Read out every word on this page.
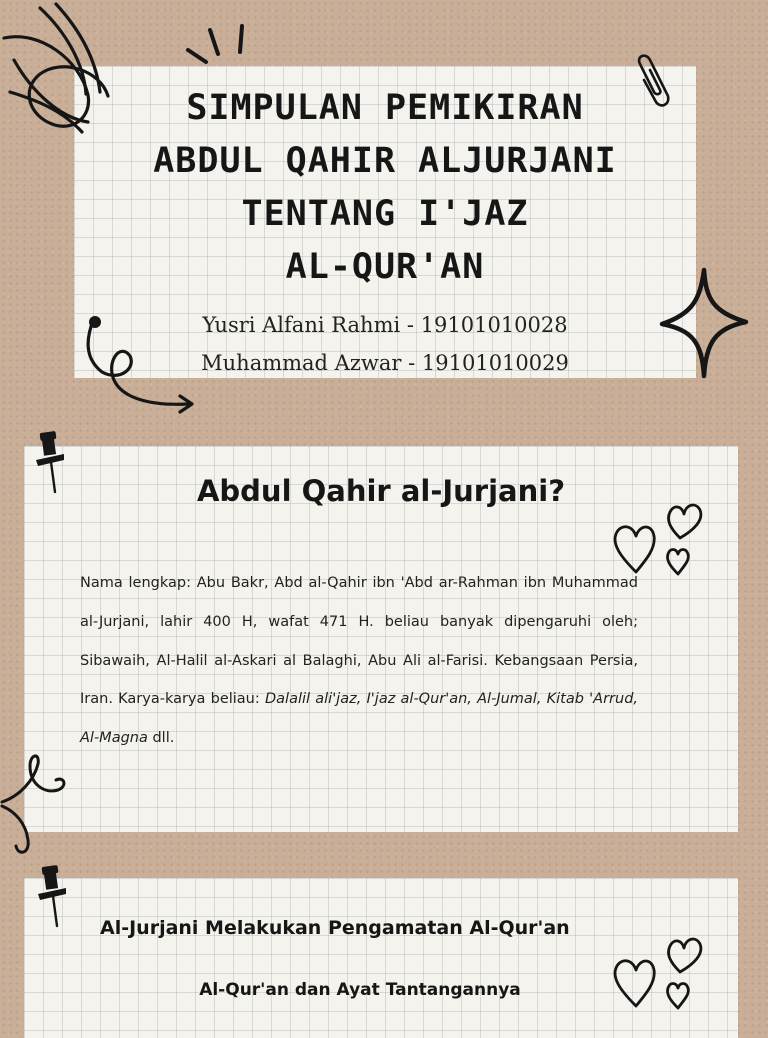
SIMPULAN PEMIKIRAN
ABDUL QAHIR ALJURJANI
TENTANG I'JAZ
AL-QUR'AN
Yusri Alfani Rahmi - 19101010028
Muhammad Azwar - 19101010029
Abdul Qahir al-Jurjani?

Nama lengkap: Abu Bakr, Abd al-Qahir ibn 'Abd ar-Rahman ibn Muhammad al-Jurjani, lahir 400 H, wafat 471 H. beliau banyak dipengaruhi oleh; Sibawaih, Al-Halil al-Askari al Balaghi, Abu Ali al-Farisi. Kebangsaan Persia, Iran. Karya-karya beliau: Dalalil ali'jaz, I'jaz al-Qur'an, Al-Jumal, Kitab 'Arrud, Al-Magna dll.

Al-Jurjani Melakukan Pengamatan Al-Qur'an
Al-Qur'an dan Ayat Tantangannya
